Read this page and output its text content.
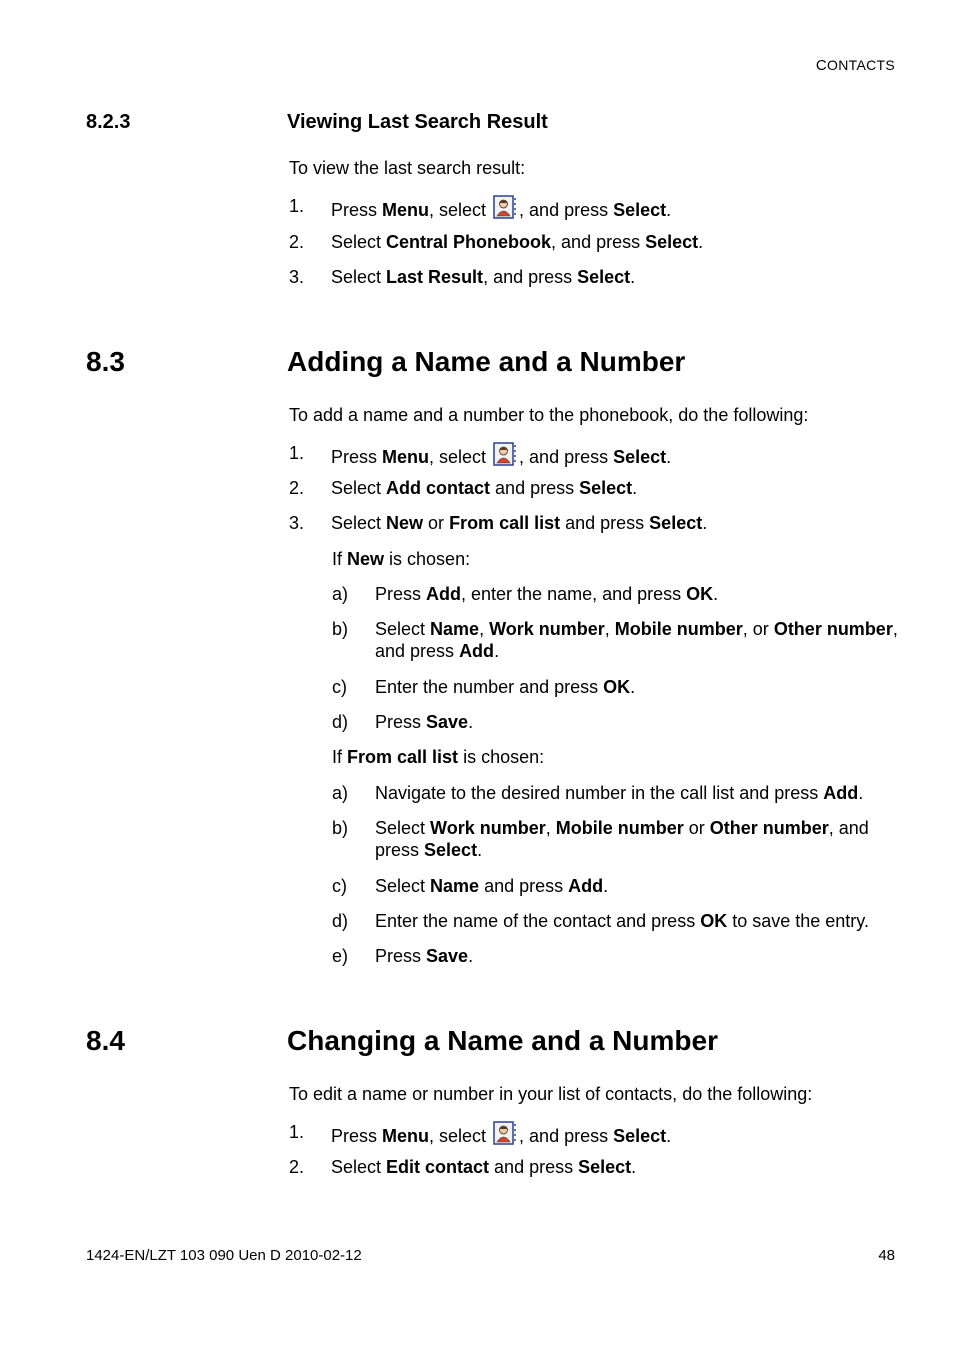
CONTACTS
8.2.3	Viewing Last Search Result
To view the last search result:
1. Press Menu, select , and press Select.
2. Select Central Phonebook, and press Select.
3. Select Last Result, and press Select.
8.3	Adding a Name and a Number
To add a name and a number to the phonebook, do the following:
1. Press Menu, select , and press Select.
2. Select Add contact and press Select.
3. Select New or From call list and press Select.
If New is chosen:
a) Press Add, enter the name, and press OK.
b) Select Name, Work number, Mobile number, or Other number, and press Add.
c) Enter the number and press OK.
d) Press Save.
If From call list is chosen:
a) Navigate to the desired number in the call list and press Add.
b) Select Work number, Mobile number or Other number, and press Select.
c) Select Name and press Add.
d) Enter the name of the contact and press OK to save the entry.
e) Press Save.
8.4	Changing a Name and a Number
To edit a name or number in your list of contacts, do the following:
1. Press Menu, select , and press Select.
2. Select Edit contact and press Select.
1424-EN/LZT 103 090 Uen D 2010-02-12	48
